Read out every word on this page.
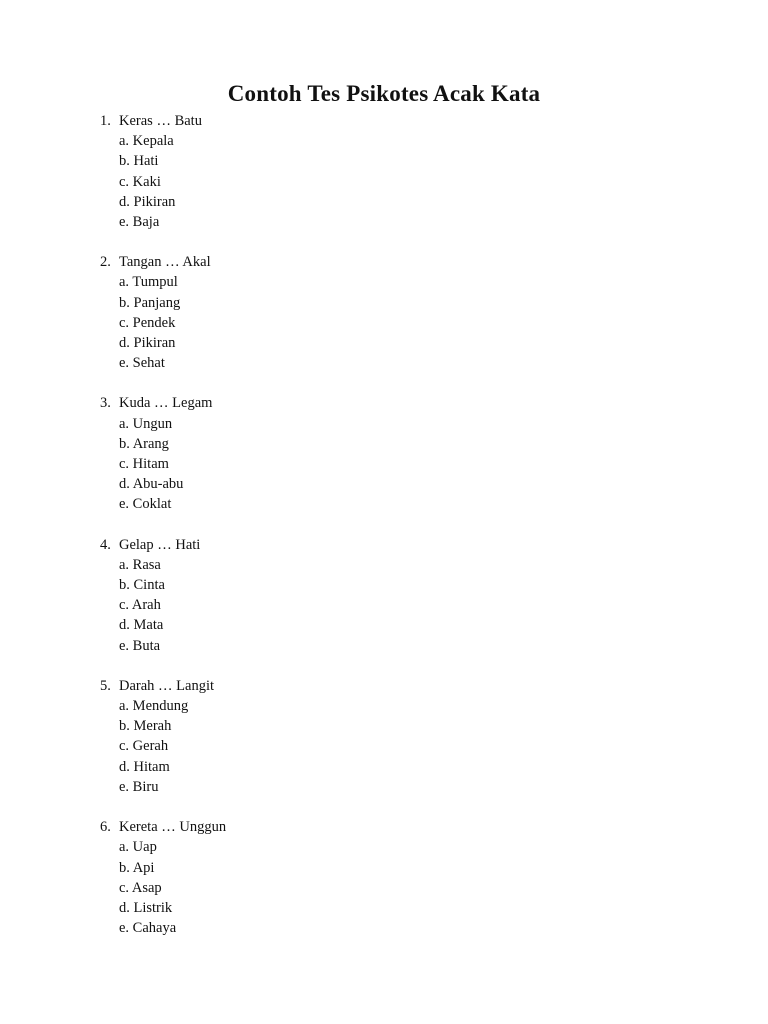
Contoh Tes Psikotes Acak Kata
1. Keras … Batu
a. Kepala
b. Hati
c. Kaki
d. Pikiran
e. Baja
2. Tangan … Akal
a. Tumpul
b. Panjang
c. Pendek
d. Pikiran
e. Sehat
3. Kuda … Legam
a. Ungun
b. Arang
c. Hitam
d. Abu-abu
e. Coklat
4. Gelap … Hati
a. Rasa
b. Cinta
c. Arah
d. Mata
e. Buta
5. Darah … Langit
a. Mendung
b. Merah
c. Gerah
d. Hitam
e. Biru
6. Kereta … Unggun
a. Uap
b. Api
c. Asap
d. Listrik
e. Cahaya
